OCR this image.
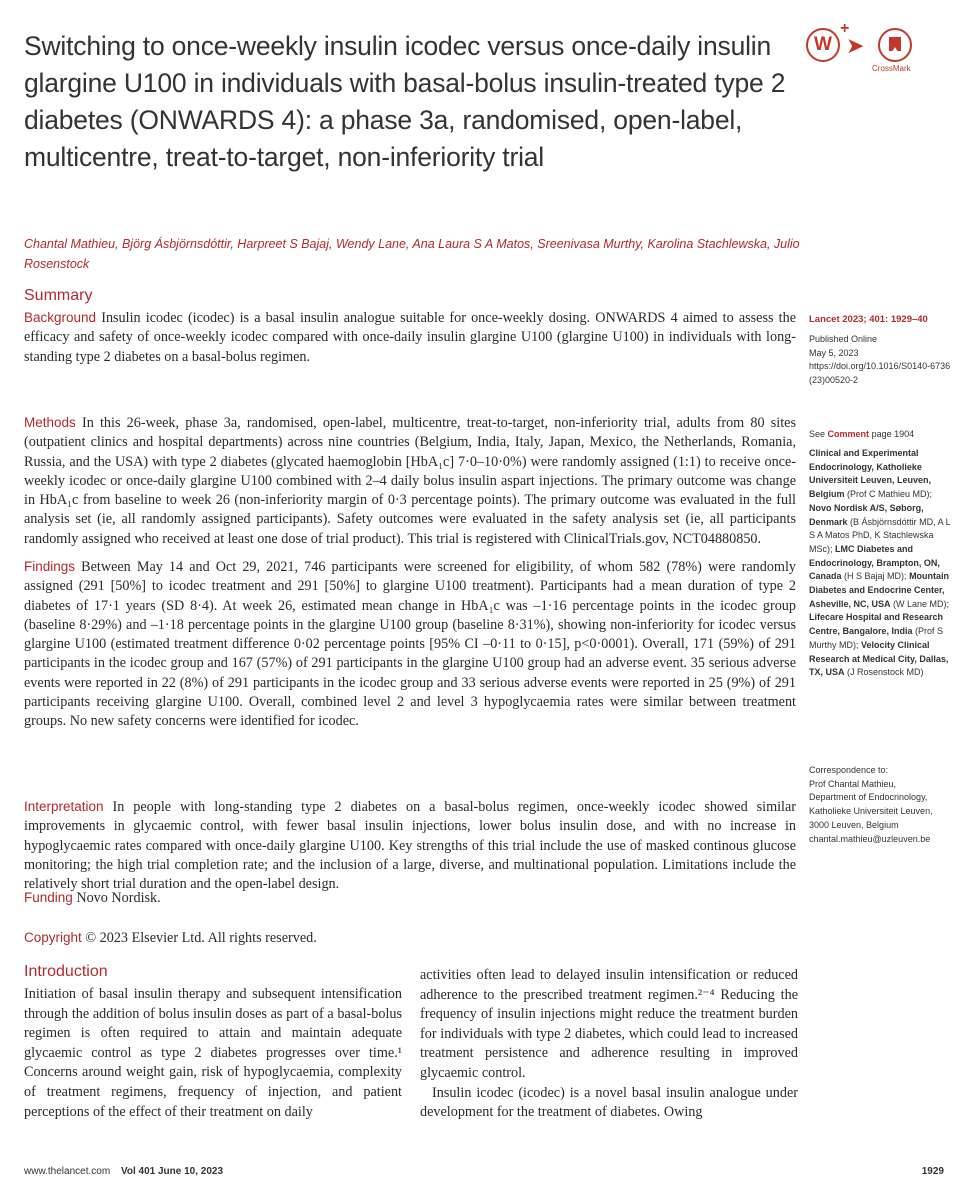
Switching to once-weekly insulin icodec versus once-daily insulin glargine U100 in individuals with basal-bolus insulin-treated type 2 diabetes (ONWARDS 4): a phase 3a, randomised, open-label, multicentre, treat-to-target, non-inferiority trial
W
+
➤
CrossMark
Chantal Mathieu, Björg Ásbjörnsdóttir, Harpreet S Bajaj, Wendy Lane, Ana Laura S A Matos, Sreenivasa Murthy, Karolina Stachlewska, Julio Rosenstock
Summary

Background Insulin icodec (icodec) is a basal insulin analogue suitable for once-weekly dosing. ONWARDS 4 aimed to assess the efficacy and safety of once-weekly icodec compared with once-daily insulin glargine U100 (glargine U100) in individuals with long-standing type 2 diabetes on a basal-bolus regimen.

Methods In this 26-week, phase 3a, randomised, open-label, multicentre, treat-to-target, non-inferiority trial, adults from 80 sites (outpatient clinics and hospital departments) across nine countries (Belgium, India, Italy, Japan, Mexico, the Netherlands, Romania, Russia, and the USA) with type 2 diabetes (glycated haemoglobin [HbA₁c] 7·0–10·0%) were randomly assigned (1:1) to receive once-weekly icodec or once-daily glargine U100 combined with 2–4 daily bolus insulin aspart injections. The primary outcome was change in HbA₁c from baseline to week 26 (non-inferiority margin of 0·3 percentage points). The primary outcome was evaluated in the full analysis set (ie, all randomly assigned participants). Safety outcomes were evaluated in the safety analysis set (ie, all participants randomly assigned who received at least one dose of trial product). This trial is registered with ClinicalTrials.gov, NCT04880850.

Findings Between May 14 and Oct 29, 2021, 746 participants were screened for eligibility, of whom 582 (78%) were randomly assigned (291 [50%] to icodec treatment and 291 [50%] to glargine U100 treatment). Participants had a mean duration of type 2 diabetes of 17·1 years (SD 8·4). At week 26, estimated mean change in HbA₁c was –1·16 percentage points in the icodec group (baseline 8·29%) and –1·18 percentage points in the glargine U100 group (baseline 8·31%), showing non-inferiority for icodec versus glargine U100 (estimated treatment difference 0·02 percentage points [95% CI –0·11 to 0·15], p<0·0001). Overall, 171 (59%) of 291 participants in the icodec group and 167 (57%) of 291 participants in the glargine U100 group had an adverse event. 35 serious adverse events were reported in 22 (8%) of 291 participants in the icodec group and 33 serious adverse events were reported in 25 (9%) of 291 participants receiving glargine U100. Overall, combined level 2 and level 3 hypoglycaemia rates were similar between treatment groups. No new safety concerns were identified for icodec.

Interpretation In people with long-standing type 2 diabetes on a basal-bolus regimen, once-weekly icodec showed similar improvements in glycaemic control, with fewer basal insulin injections, lower bolus insulin dose, and with no increase in hypoglycaemic rates compared with once-daily glargine U100. Key strengths of this trial include the use of masked continous glucose monitoring; the high trial completion rate; and the inclusion of a large, diverse, and multinational population. Limitations include the relatively short trial duration and the open-label design.

Funding Novo Nordisk.

Copyright © 2023 Elsevier Ltd. All rights reserved.

Lancet 2023; 401: 1929–40
Published Online
May 5, 2023
https://doi.org/10.1016/S0140-6736(23)00520-2
See Comment page 1904
Clinical and Experimental Endocrinology, Katholieke Universiteit Leuven, Leuven, Belgium (Prof C Mathieu MD); Novo Nordisk A/S, Søborg, Denmark (B Ásbjörnsdóttir MD, A L S A Matos PhD, K Stachlewska MSc); LMC Diabetes and Endocrinology, Brampton, ON, Canada (H S Bajaj MD); Mountain Diabetes and Endocrine Center, Asheville, NC, USA (W Lane MD); Lifecare Hospital and Research Centre, Bangalore, India (Prof S Murthy MD); Velocity Clinical Research at Medical City, Dallas, TX, USA (J Rosenstock MD)
Correspondence to:
Prof Chantal Mathieu,
Department of Endocrinology,
Katholieke Universiteit Leuven,
3000 Leuven, Belgium
chantal.mathieu@uzleuven.be
Introduction

Initiation of basal insulin therapy and subsequent intensification through the addition of bolus insulin doses as part of a basal-bolus regimen is often required to attain and maintain adequate glycaemic control as type 2 diabetes progresses over time.¹ Concerns around weight gain, risk of hypoglycaemia, complexity of treatment regimens, frequency of injection, and patient perceptions of the effect of their treatment on daily

activities often lead to delayed insulin intensification or reduced adherence to the prescribed treatment regimen.²⁻⁴ Reducing the frequency of insulin injections might reduce the treatment burden for individuals with type 2 diabetes, which could lead to increased treatment persistence and adherence resulting in improved glycaemic control.
Insulin icodec (icodec) is a novel basal insulin analogue under development for the treatment of diabetes. Owing

www.thelancet.com Vol 401 June 10, 2023	1929
